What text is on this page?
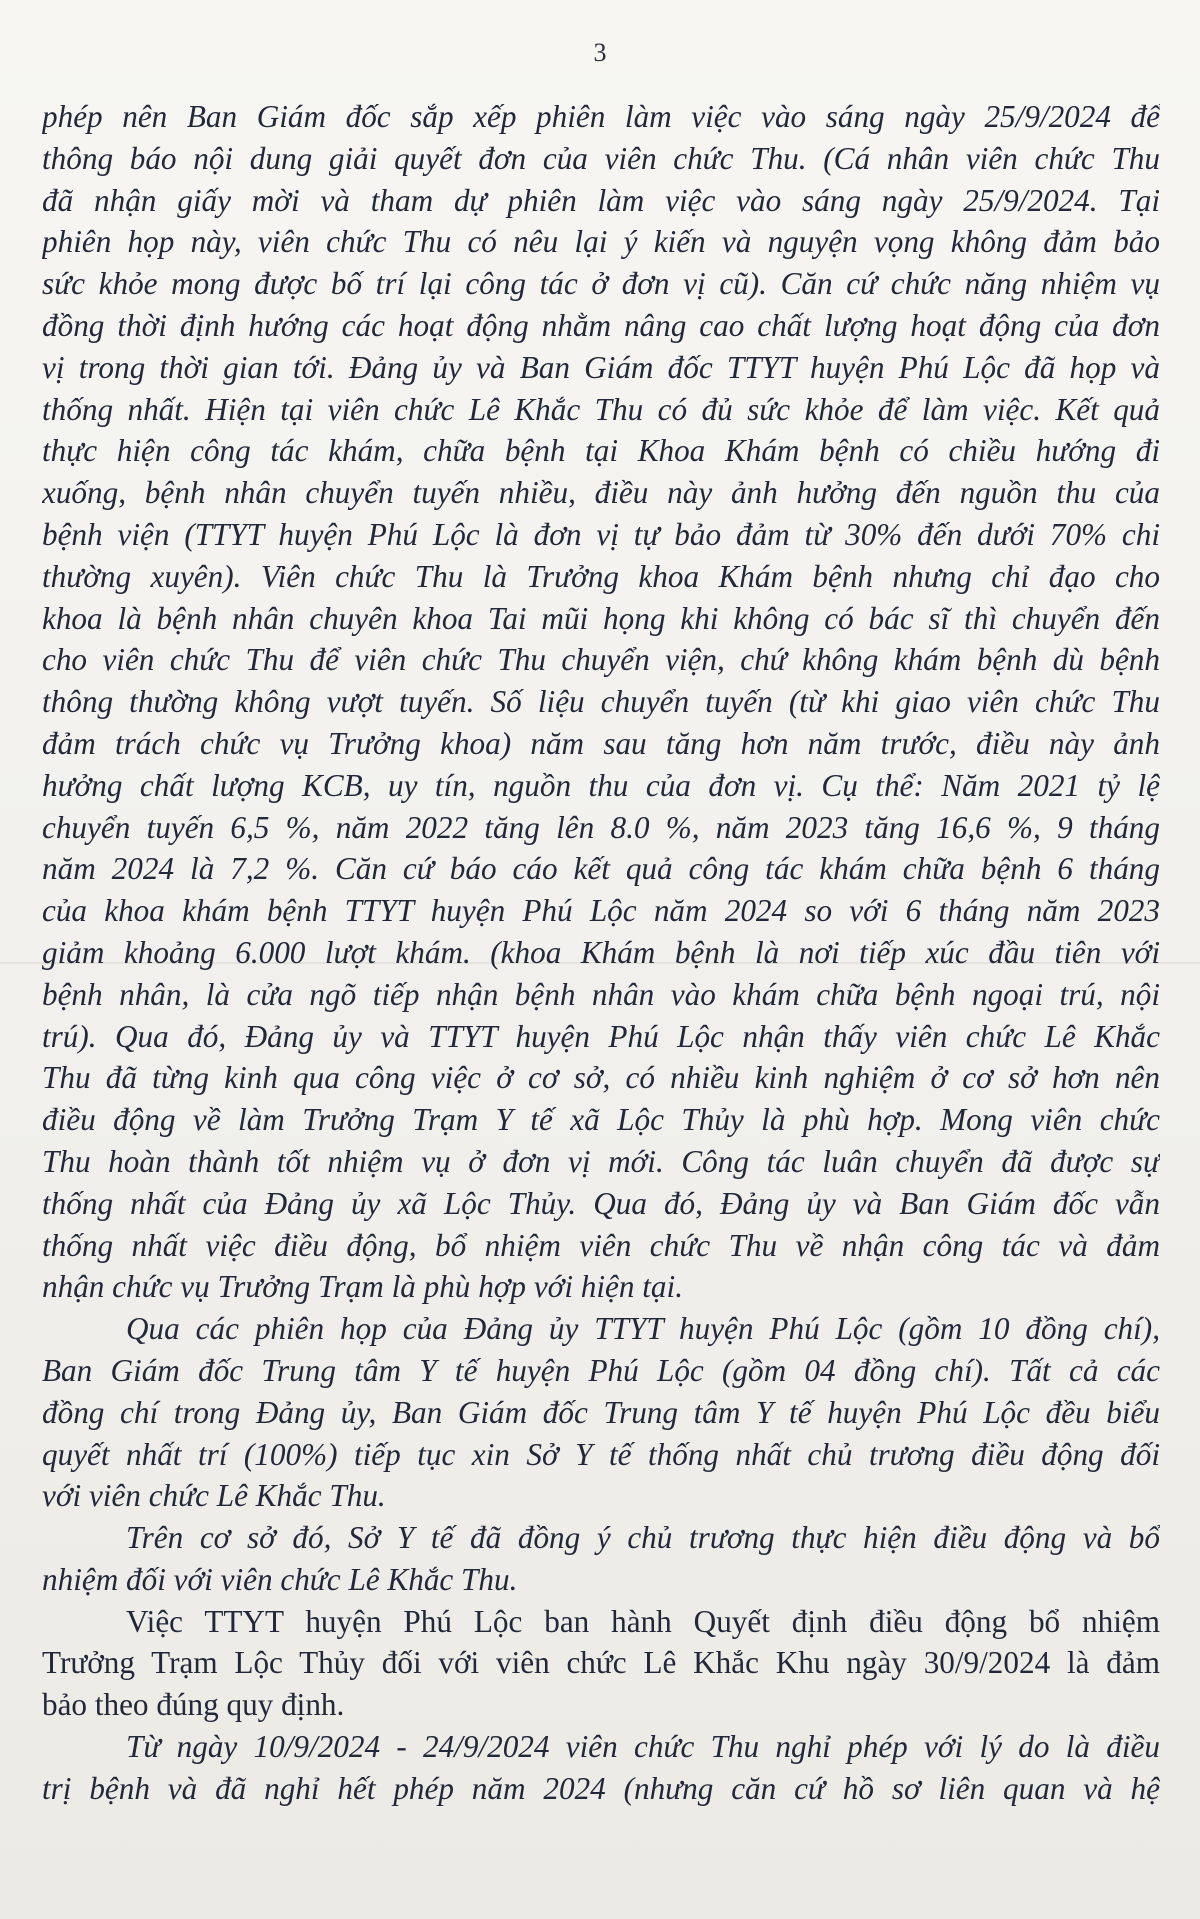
3
phép nên Ban Giám đốc sắp xếp phiên làm việc vào sáng ngày 25/9/2024 để
thông báo nội dung giải quyết đơn của viên chức Thu. (Cá nhân viên chức Thu
đã nhận giấy mời và tham dự phiên làm việc vào sáng ngày 25/9/2024. Tại
phiên họp này, viên chức Thu có nêu lại ý kiến và nguyện vọng không đảm bảo
sức khỏe mong được bố trí lại công tác ở đơn vị cũ). Căn cứ chức năng nhiệm vụ
đồng thời định hướng các hoạt động nhằm nâng cao chất lượng hoạt động của đơn
vị trong thời gian tới. Đảng ủy và Ban Giám đốc TTYT huyện Phú Lộc đã họp và
thống nhất. Hiện tại viên chức Lê Khắc Thu có đủ sức khỏe để làm việc. Kết quả
thực hiện công tác khám, chữa bệnh tại Khoa Khám bệnh có chiều hướng đi
xuống, bệnh nhân chuyển tuyến nhiều, điều này ảnh hưởng đến nguồn thu của
bệnh viện (TTYT huyện Phú Lộc là đơn vị tự bảo đảm từ 30% đến dưới 70% chi
thường xuyên). Viên chức Thu là Trưởng khoa Khám bệnh nhưng chỉ đạo cho
khoa là bệnh nhân chuyên khoa Tai mũi họng khi không có bác sĩ thì chuyển đến
cho viên chức Thu để viên chức Thu chuyển viện, chứ không khám bệnh dù bệnh
thông thường không vượt tuyến. Số liệu chuyển tuyến (từ khi giao viên chức Thu
đảm trách chức vụ Trưởng khoa) năm sau tăng hơn năm trước, điều này ảnh
hưởng chất lượng KCB, uy tín, nguồn thu của đơn vị. Cụ thể: Năm 2021 tỷ lệ
chuyển tuyến 6,5 %, năm 2022 tăng lên 8.0 %, năm 2023 tăng 16,6 %, 9 tháng
năm 2024 là 7,2 %. Căn cứ báo cáo kết quả công tác khám chữa bệnh 6 tháng
của khoa khám bệnh TTYT huyện Phú Lộc năm 2024 so với 6 tháng năm 2023
giảm khoảng 6.000 lượt khám. (khoa Khám bệnh là nơi tiếp xúc đầu tiên với
bệnh nhân, là cửa ngõ tiếp nhận bệnh nhân vào khám chữa bệnh ngoại trú, nội
trú). Qua đó, Đảng ủy và TTYT huyện Phú Lộc nhận thấy viên chức Lê Khắc
Thu đã từng kinh qua công việc ở cơ sở, có nhiều kinh nghiệm ở cơ sở hơn nên
điều động về làm Trưởng Trạm Y tế xã Lộc Thủy là phù hợp. Mong viên chức
Thu hoàn thành tốt nhiệm vụ ở đơn vị mới. Công tác luân chuyển đã được sự
thống nhất của Đảng ủy xã Lộc Thủy. Qua đó, Đảng ủy và Ban Giám đốc vẫn
thống nhất việc điều động, bổ nhiệm viên chức Thu về nhận công tác và đảm
nhận chức vụ Trưởng Trạm là phù hợp với hiện tại.
Qua các phiên họp của Đảng ủy TTYT huyện Phú Lộc (gồm 10 đồng chí),
Ban Giám đốc Trung tâm Y tế huyện Phú Lộc (gồm 04 đồng chí). Tất cả các
đồng chí trong Đảng ủy, Ban Giám đốc Trung tâm Y tế huyện Phú Lộc đều biểu
quyết nhất trí (100%) tiếp tục xin Sở Y tế thống nhất chủ trương điều động đối
với viên chức Lê Khắc Thu.
Trên cơ sở đó, Sở Y tế đã đồng ý chủ trương thực hiện điều động và bổ
nhiệm đối với viên chức Lê Khắc Thu.
Việc TTYT huyện Phú Lộc ban hành Quyết định điều động bổ nhiệm
Trưởng Trạm Lộc Thủy đối với viên chức Lê Khắc Khu ngày 30/9/2024 là đảm
bảo theo đúng quy định.
Từ ngày 10/9/2024 - 24/9/2024 viên chức Thu nghỉ phép với lý do là điều
trị bệnh và đã nghỉ hết phép năm 2024 (nhưng căn cứ hồ sơ liên quan và hệ
